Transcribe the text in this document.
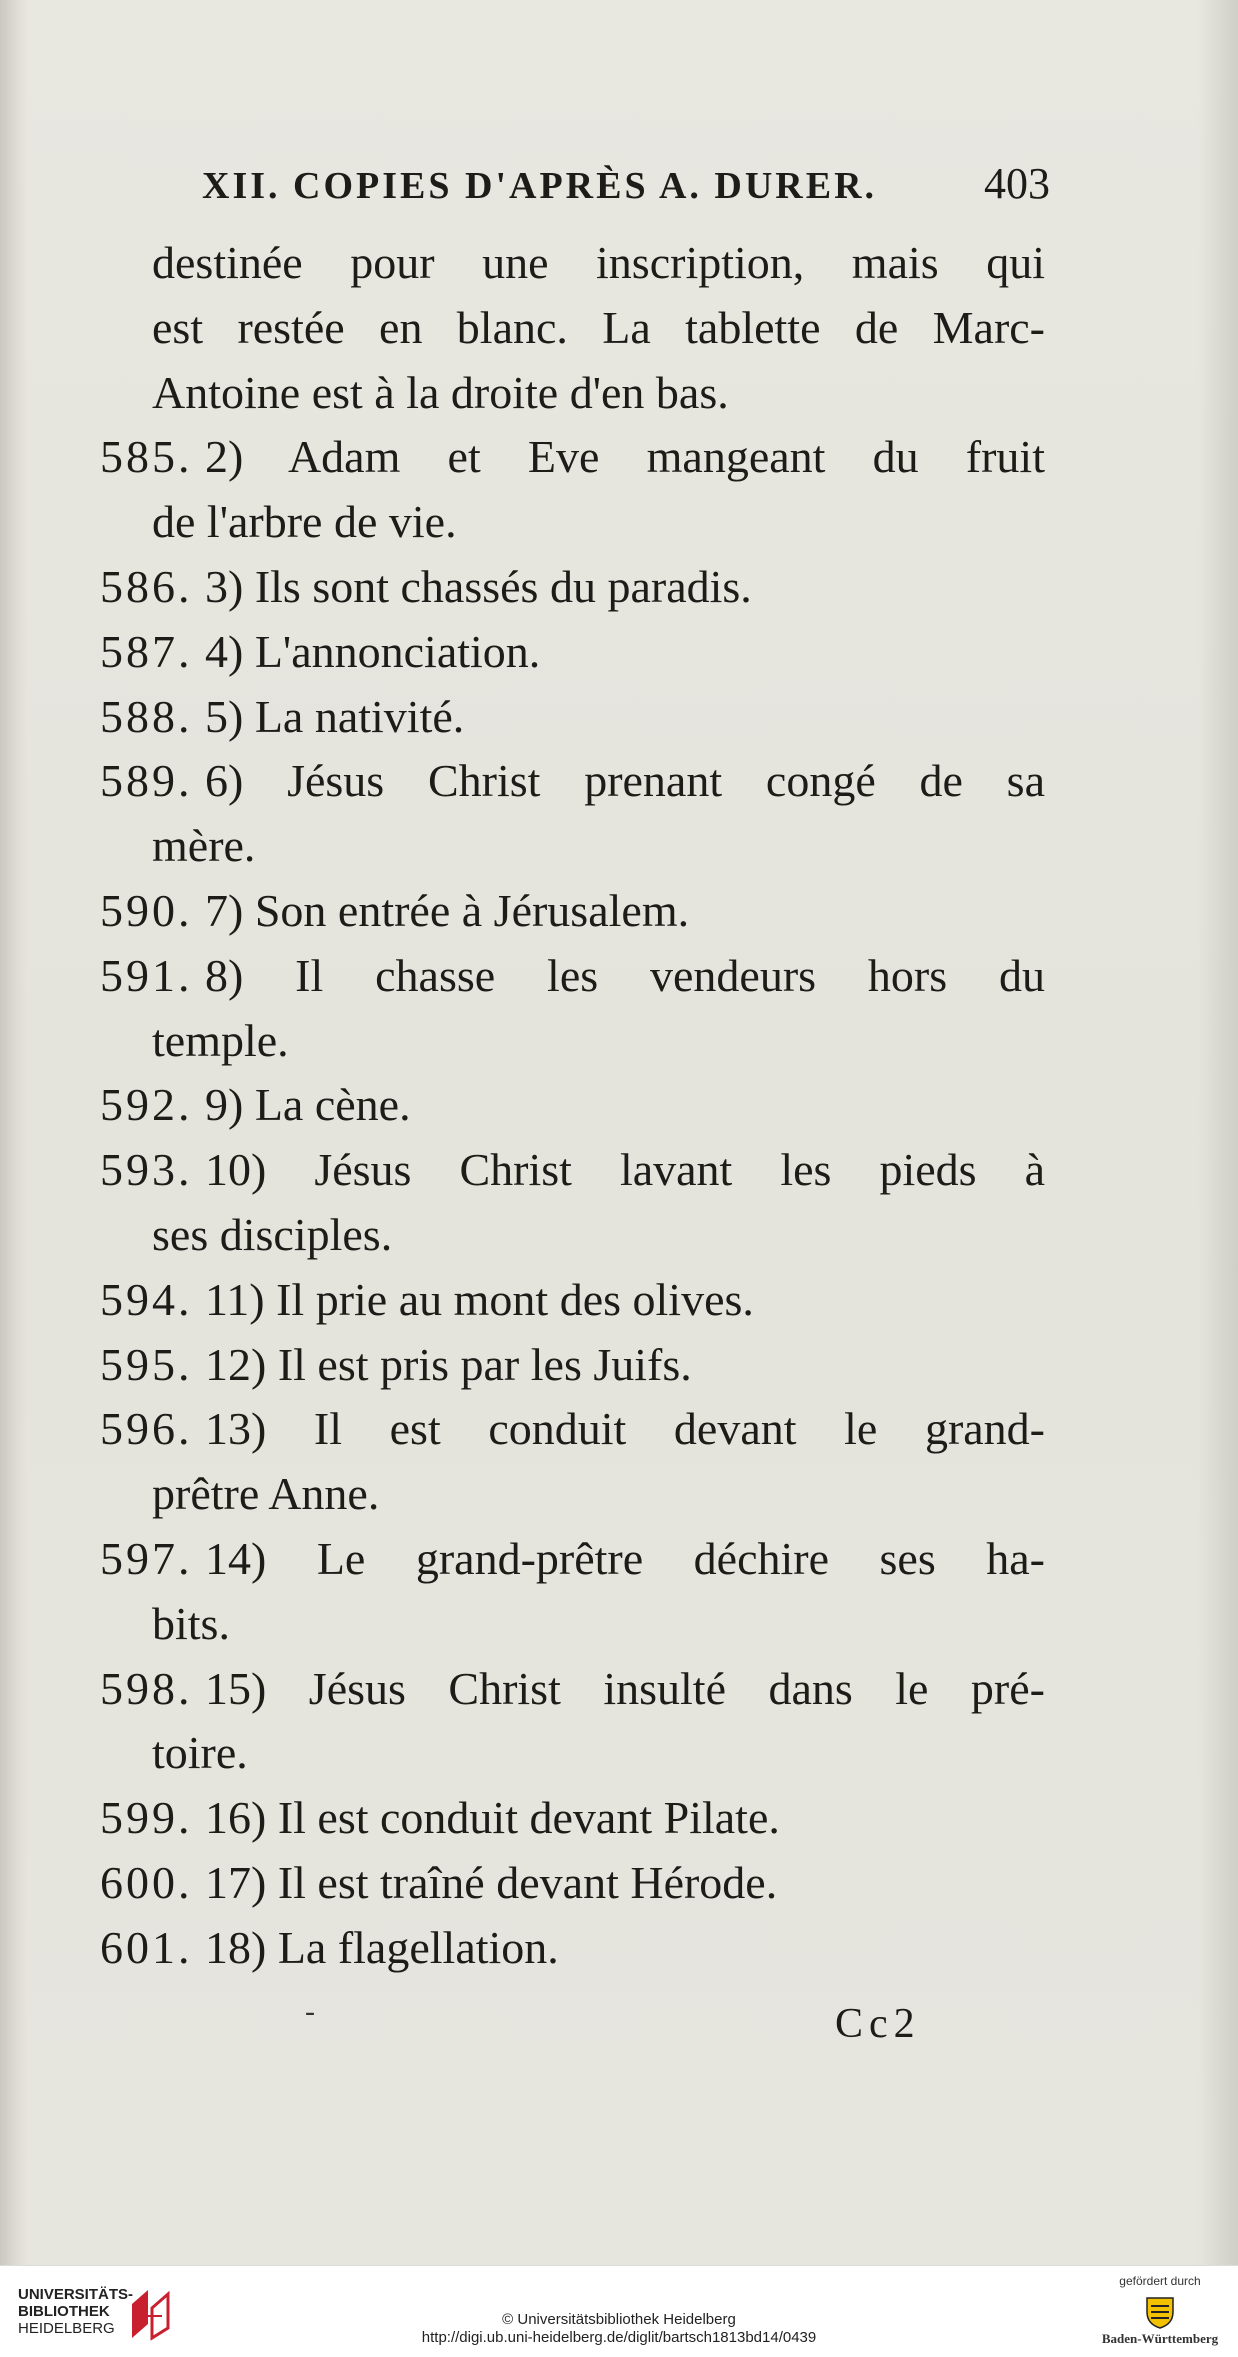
XII. COPIES D'APRÈS A. DURER. 403
destinée pour une inscription, mais qui
est restée en blanc. La tablette de Marc-
Antoine est à la droite d'en bas.
585. 2) Adam et Eve mangeant du fruit
de l'arbre de vie.
586. 3) Ils sont chassés du paradis.
587. 4) L'annonciation.
588. 5) La nativité.
589. 6) Jésus Christ prenant congé de sa
mère.
590. 7) Son entrée à Jérusalem.
591. 8) Il chasse les vendeurs hors du
temple.
592. 9) La cène.
593. 10) Jésus Christ lavant les pieds à
ses disciples.
594. 11) Il prie au mont des olives.
595. 12) Il est pris par les Juifs.
596. 13) Il est conduit devant le grand-
prêtre Anne.
597. 14) Le grand-prêtre déchire ses ha-
bits.
598. 15) Jésus Christ insulté dans le pré-
toire.
599. 16) Il est conduit devant Pilate.
600. 17) Il est traîné devant Hérode.
601. 18) La flagellation.
-	Cc2
UNIVERSITÄTS-
BIBLIOTHEK
HEIDELBERG
© Universitätsbibliothek Heidelberg
http://digi.ub.uni-heidelberg.de/diglit/bartsch1813bd14/0439
gefördert durch
Baden-Württemberg
